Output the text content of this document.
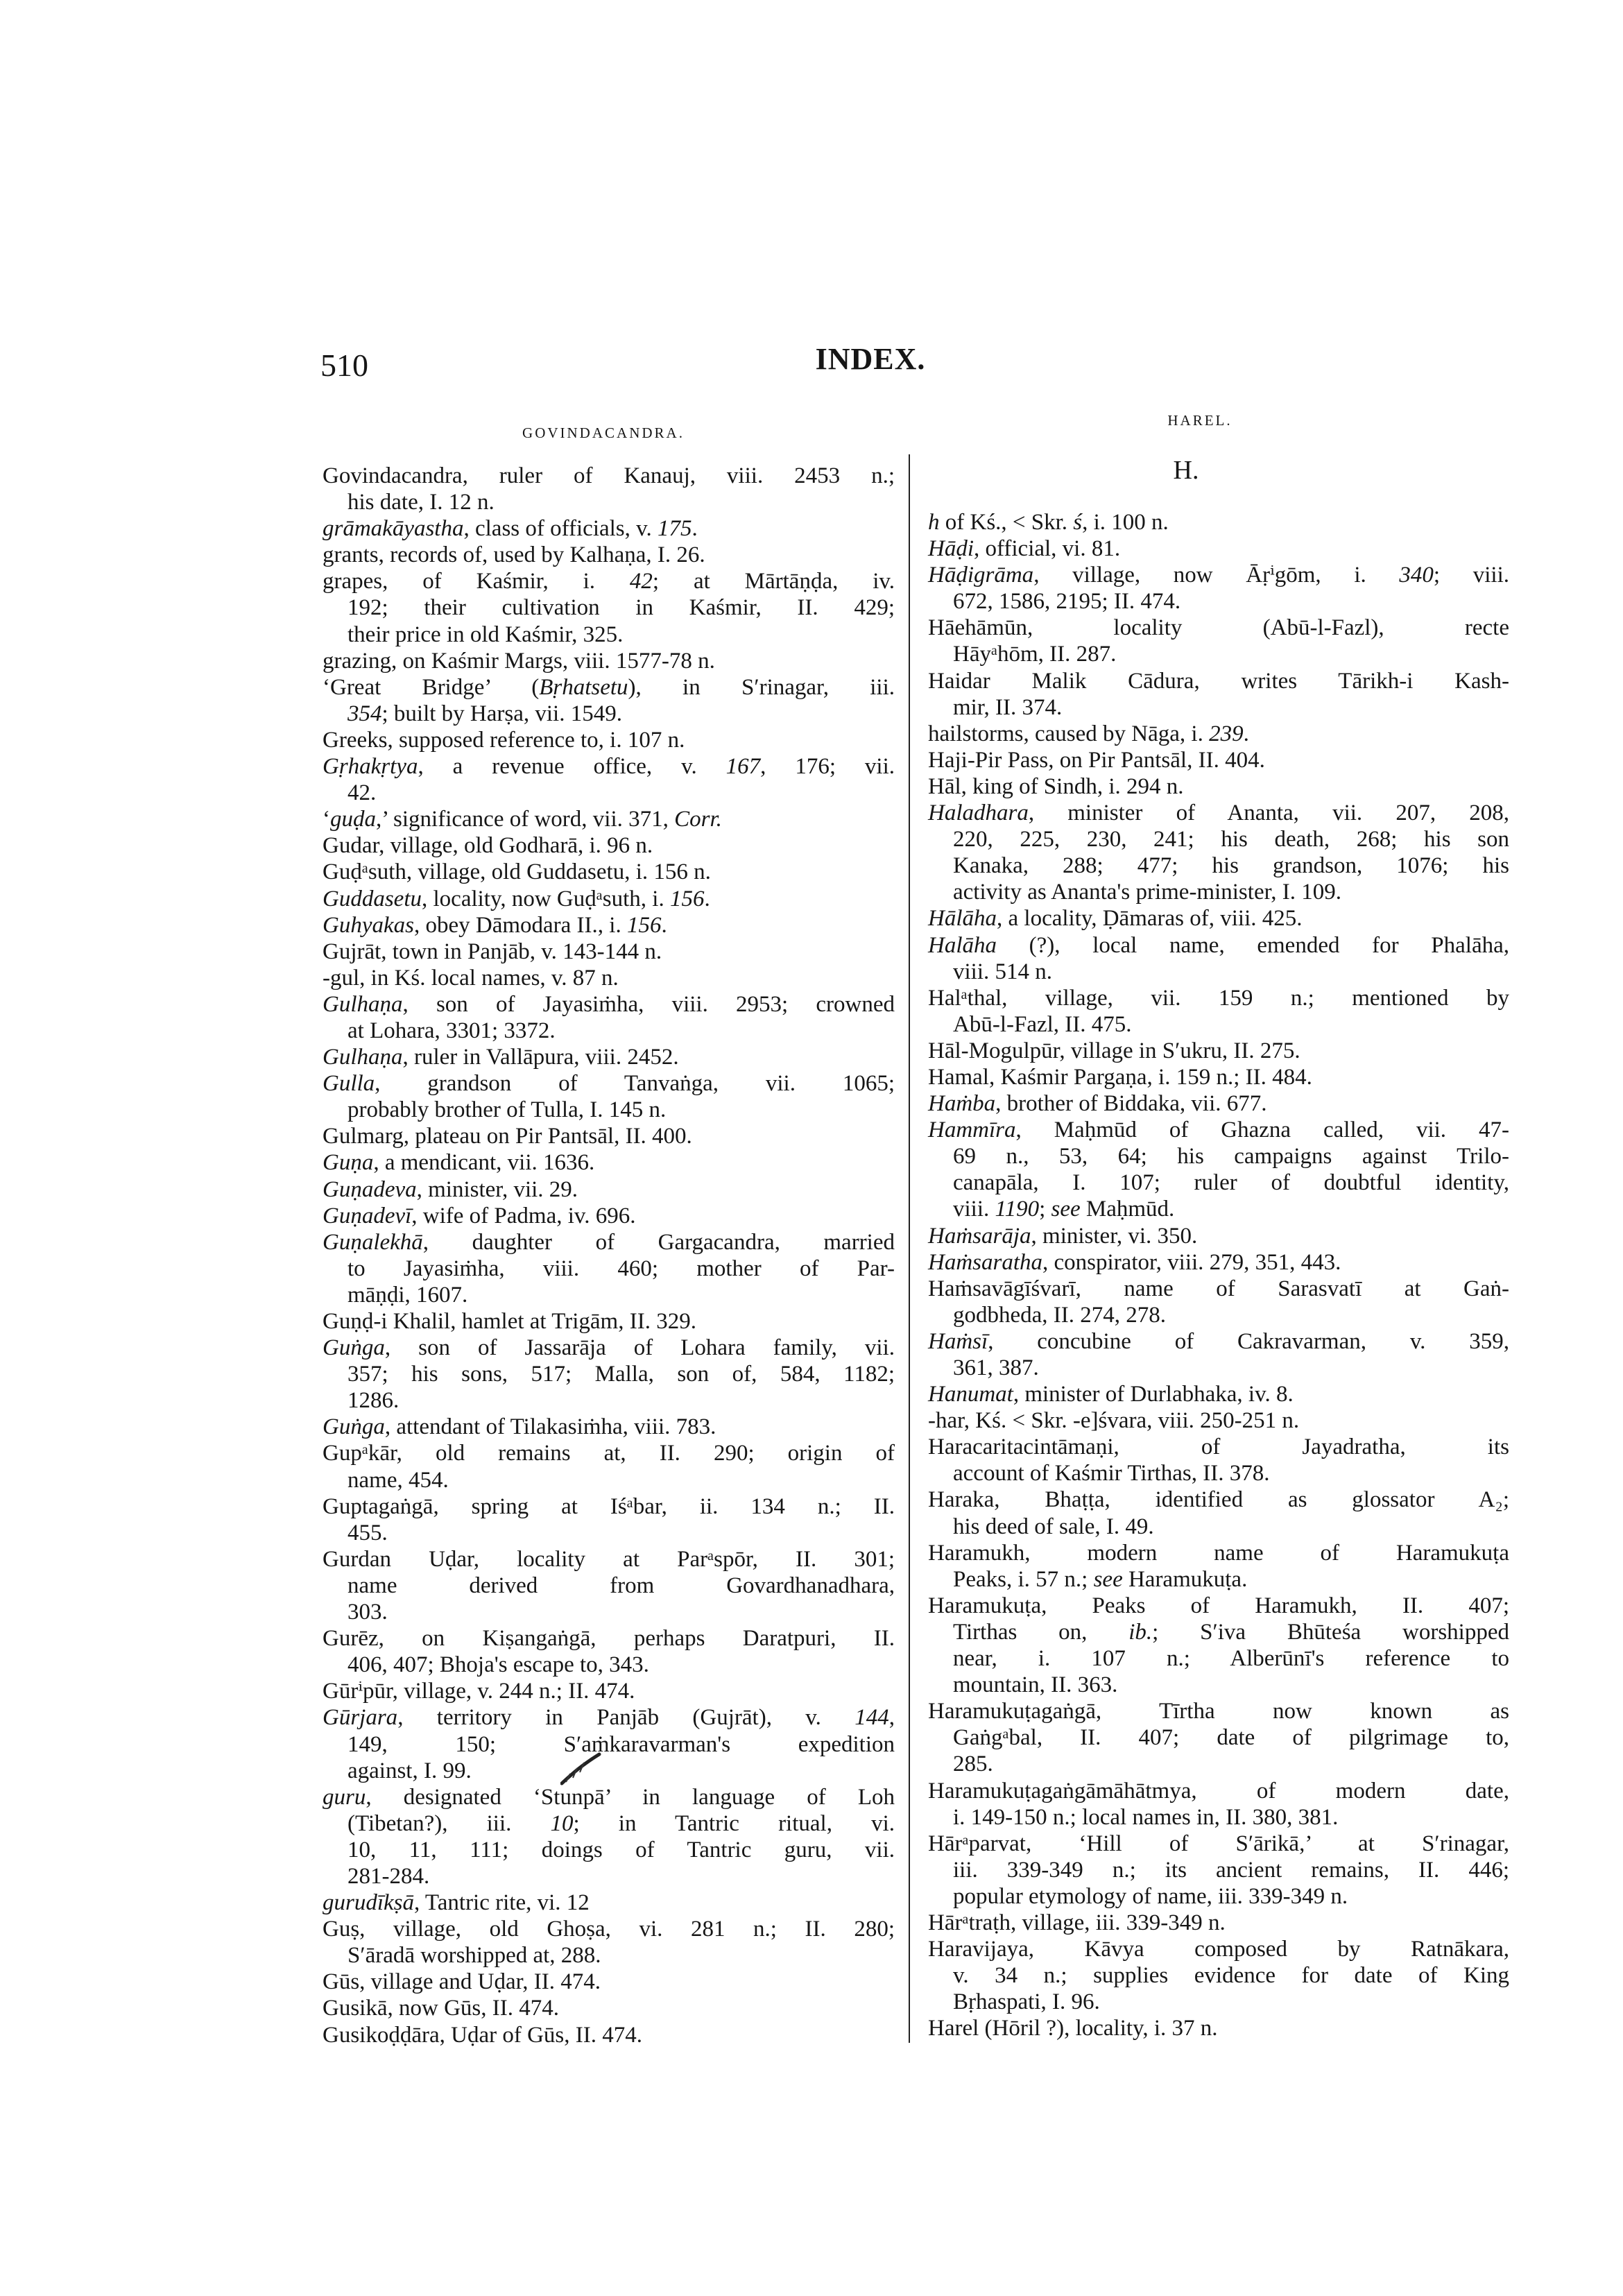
510	INDEX.
GOVINDACANDRA.
HAREL.
H.
Govindacandra, ruler of Kanauj, viii. 2453 n.;
his date, I. 12 n.
grāmakāyastha, class of officials, v. 175.
grants, records of, used by Kalhaṇa, I. 26.
grapes, of Kaśmir, i. 42; at Mārtāṇḍa, iv.
192; their cultivation in Kaśmir, II. 429;
their price in old Kaśmir, 325.
grazing, on Kaśmir Margs, viii. 1577-78 n.
‘Great Bridge’ (Bṛhatsetu), in S′rinagar, iii.
354; built by Harṣa, vii. 1549.
Greeks, supposed reference to, i. 107 n.
Gṛhakṛtya, a revenue office, v. 167, 176; vii.
42.
‘guḍa,’ significance of word, vii. 371, Corr.
Gudar, village, old Godharā, i. 96 n.
Guḍᵃsuth, village, old Guddasetu, i. 156 n.
Guddasetu, locality, now Guḍᵃsuth, i. 156.
Guhyakas, obey Dāmodara II., i. 156.
Gujrāt, town in Panjāb, v. 143-144 n.
-gul, in Kś. local names, v. 87 n.
Gulhaṇa, son of Jayasiṁha, viii. 2953; crowned
at Lohara, 3301; 3372.
Gulhaṇa, ruler in Vallāpura, viii. 2452.
Gulla, grandson of Tanvaṅga, vii. 1065;
probably brother of Tulla, I. 145 n.
Gulmarg, plateau on Pir Pantsāl, II. 400.
Guṇa, a mendicant, vii. 1636.
Guṇadeva, minister, vii. 29.
Guṇadevī, wife of Padma, iv. 696.
Guṇalekhā, daughter of Gargacandra, married
to Jayasiṁha, viii. 460; mother of Par-
māṇḍi, 1607.
Guṇḍ-i Khalil, hamlet at Trigām, II. 329.
Guṅga, son of Jassarāja of Lohara family, vii.
357; his sons, 517; Malla, son of, 584, 1182;
1286.
Guṅga, attendant of Tilakasiṁha, viii. 783.
Gupᵃkār, old remains at, II. 290; origin of
name, 454.
Guptagaṅgā, spring at Iśᵃbar, ii. 134 n.; II.
455.
Gurdan Uḍar, locality at Parᵃspōr, II. 301;
name derived from Govardhanadhara,
303.
Gurēz, on Kiṣangaṅgā, perhaps Daratpuri, II.
406, 407; Bhoja's escape to, 343.
Gūrⁱpūr, village, v. 244 n.; II. 474.
Gūrjara, territory in Panjāb (Gujrāt), v. 144,
149, 150; S′aṁkaravarman's expedition
against, I. 99.
guru, designated ‘Stunpā’ in language of Loh
(Tibetan?), iii. 10; in Tantric ritual, vi.
10, 11, 111; doings of Tantric guru, vii.
281-284.
gurudīkṣā, Tantric rite, vi. 12
Guṣ, village, old Ghoṣa, vi. 281 n.; II. 280;
S′āradā worshipped at, 288.
Gūs, village and Uḍar, II. 474.
Gusikā, now Gūs, II. 474.
Gusikoḍḍāra, Uḍar of Gūs, II. 474.
h of Kś., < Skr. ś, i. 100 n.
Hāḍi, official, vi. 81.
Hāḍigrāma, village, now Āṛⁱgōm, i. 340; viii.
672, 1586, 2195; II. 474.
Hāehāmūn, locality (Abū-l-Fazl), recte
Hāyᵃhōm, II. 287.
Haidar Malik Cādura, writes Tārikh-i Kash-
mir, II. 374.
hailstorms, caused by Nāga, i. 239.
Haji-Pir Pass, on Pir Pantsāl, II. 404.
Hāl, king of Sindh, i. 294 n.
Haladhara, minister of Ananta, vii. 207, 208,
220, 225, 230, 241; his death, 268; his son
Kanaka, 288; 477; his grandson, 1076; his
activity as Ananta's prime-minister, I. 109.
Hālāha, a locality, Ḍāmaras of, viii. 425.
Halāha (?), local name, emended for Phalāha,
viii. 514 n.
Halᵃthal, village, vii. 159 n.; mentioned by
Abū-l-Fazl, II. 475.
Hāl-Mogulpūr, village in S′ukru, II. 275.
Hamal, Kaśmir Pargaṇa, i. 159 n.; II. 484.
Haṁba, brother of Biddaka, vii. 677.
Hammīra, Maḥmūd of Ghazna called, vii. 47-
69 n., 53, 64; his campaigns against Trilo-
canapāla, I. 107; ruler of doubtful identity,
viii. 1190; see Maḥmūd.
Haṁsarāja, minister, vi. 350.
Haṁsaratha, conspirator, viii. 279, 351, 443.
Haṁsavāgīśvarī, name of Sarasvatī at Gaṅ-
godbheda, II. 274, 278.
Haṁsī, concubine of Cakravarman, v. 359,
361, 387.
Hanumat, minister of Durlabhaka, iv. 8.
-har, Kś. < Skr. -e]śvara, viii. 250-251 n.
Haracaritacintāmaṇi, of Jayadratha, its
account of Kaśmir Tirthas, II. 378.
Haraka, Bhaṭṭa, identified as glossator A₂;
his deed of sale, I. 49.
Haramukh, modern name of Haramukuṭa
Peaks, i. 57 n.; see Haramukuṭa.
Haramukuṭa, Peaks of Haramukh, II. 407;
Tirthas on, ib.; S′iva Bhūteśa worshipped
near, i. 107 n.; Alberūnī's reference to
mountain, II. 363.
Haramukuṭagaṅgā, Tīrtha now known as
Gaṅgᵃbal, II. 407; date of pilgrimage to,
285.
Haramukuṭagaṅgāmāhātmya, of modern date,
i. 149-150 n.; local names in, II. 380, 381.
Hārᵃparvat, ‘Hill of S′ārikā,’ at S′rinagar,
iii. 339-349 n.; its ancient remains, II. 446;
popular etymology of name, iii. 339-349 n.
Hārᵃtraṭh, village, iii. 339-349 n.
Haravijaya, Kāvya composed by Ratnākara,
v. 34 n.; supplies evidence for date of King
Bṛhaspati, I. 96.
Harel (Hōril ?), locality, i. 37 n.
